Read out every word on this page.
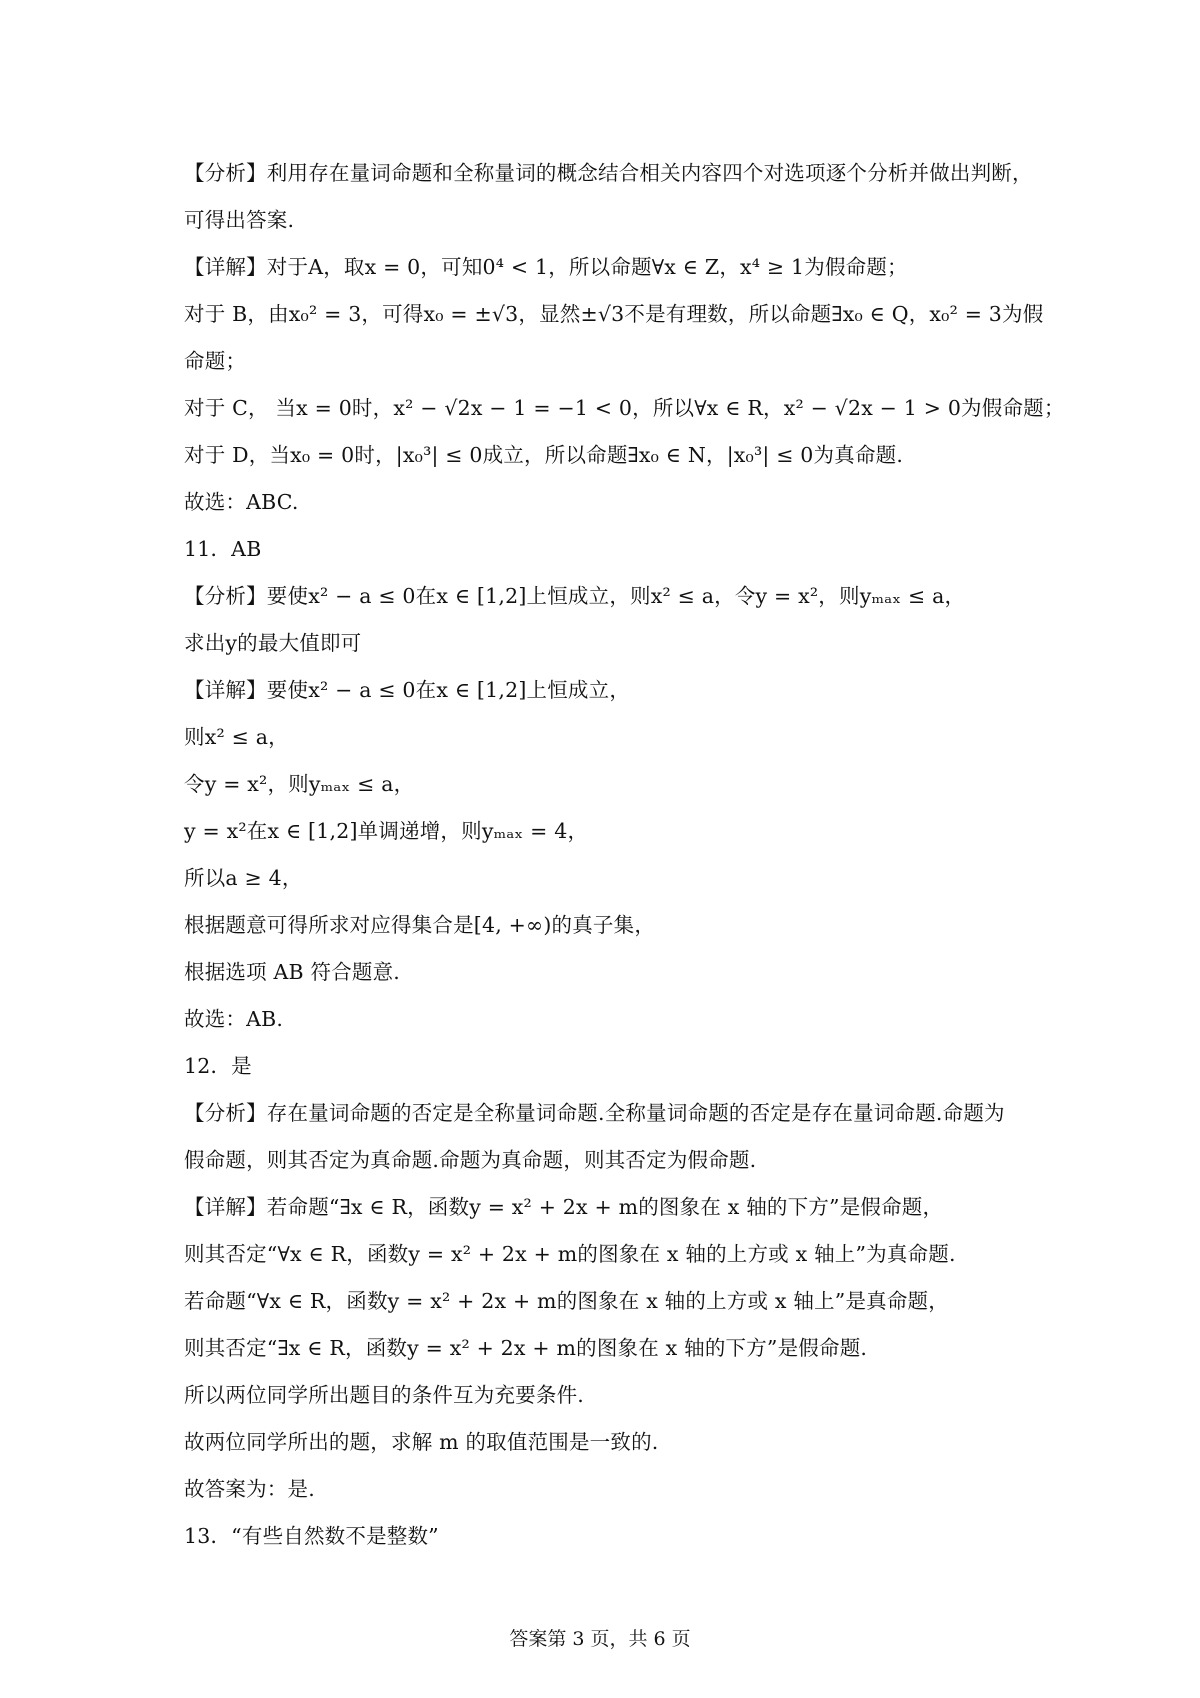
【分析】利用存在量词命题和全称量词的概念结合相关内容四个对选项逐个分析并做出判断，
可得出答案.
【详解】对于A，取x = 0，可知0⁴ < 1，所以命题∀x ∈ Z，x⁴ ≥ 1为假命题；
对于 B，由x₀² = 3，可得x₀ = ±√3，显然±√3不是有理数，所以命题∃x₀ ∈ Q，x₀² = 3为假
命题；
对于 C， 当x = 0时，x² − √2x − 1 = −1 < 0，所以∀x ∈ R，x² − √2x − 1 > 0为假命题；
对于 D，当x₀ = 0时，|x₀³| ≤ 0成立，所以命题∃x₀ ∈ N，|x₀³| ≤ 0为真命题.
故选：ABC.
11．AB
【分析】要使x² − a ≤ 0在x ∈ [1,2]上恒成立，则x² ≤ a，令y = x²，则yₘₐₓ ≤ a，
求出y的最大值即可
【详解】要使x² − a ≤ 0在x ∈ [1,2]上恒成立，
则x² ≤ a，
令y = x²，则yₘₐₓ ≤ a，
y = x²在x ∈ [1,2]单调递增，则yₘₐₓ = 4，
所以a ≥ 4，
根据题意可得所求对应得集合是[4, +∞)的真子集，
根据选项 AB 符合题意.
故选：AB.
12．是
【分析】存在量词命题的否定是全称量词命题.全称量词命题的否定是存在量词命题.命题为
假命题，则其否定为真命题.命题为真命题，则其否定为假命题.
【详解】若命题“∃x ∈ R，函数y = x² + 2x + m的图象在 x 轴的下方”是假命题，
则其否定“∀x ∈ R，函数y = x² + 2x + m的图象在 x 轴的上方或 x 轴上”为真命题.
若命题“∀x ∈ R，函数y = x² + 2x + m的图象在 x 轴的上方或 x 轴上”是真命题，
则其否定“∃x ∈ R，函数y = x² + 2x + m的图象在 x 轴的下方”是假命题.
所以两位同学所出题目的条件互为充要条件.
故两位同学所出的题，求解 m 的取值范围是一致的.
故答案为：是.
13．“有些自然数不是整数”
答案第 3 页，共 6 页
